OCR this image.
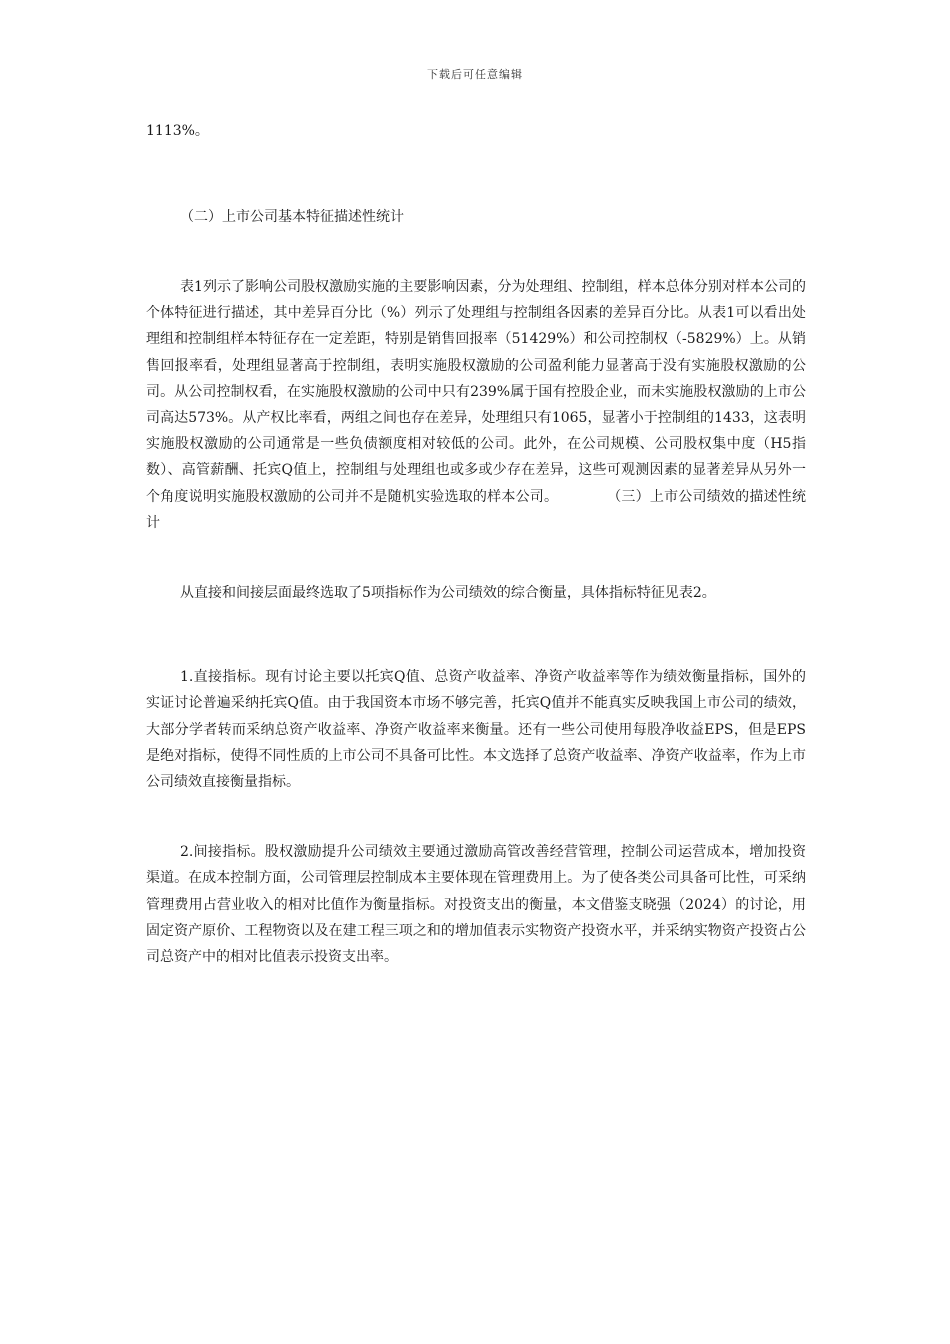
下载后可任意编辑

1113%。

（二）上市公司基本特征描述性统计

表1列示了影响公司股权激励实施的主要影响因素，分为处理组、控制组，样本总体分别对样本公司的个体特征进行描述，其中差异百分比（%）列示了处理组与控制组各因素的差异百分比。从表1可以看出处理组和控制组样本特征存在一定差距，特别是销售回报率（51429%）和公司控制权（-5829%）上。从销售回报率看，处理组显著高于控制组，表明实施股权激励的公司盈利能力显著高于没有实施股权激励的公司。从公司控制权看，在实施股权激励的公司中只有239%属于国有控股企业，而未实施股权激励的上市公司高达573%。从产权比率看，两组之间也存在差异，处理组只有1065，显著小于控制组的1433，这表明实施股权激励的公司通常是一些负债额度相对较低的公司。此外，在公司规模、公司股权集中度（H5指数）、高管薪酬、托宾Q值上，控制组与处理组也或多或少存在差异，这些可观测因素的显著差异从另外一个角度说明实施股权激励的公司并不是随机实验选取的样本公司。	（三）上市公司绩效的描述性统计

从直接和间接层面最终选取了5项指标作为公司绩效的综合衡量，具体指标特征见表2。

1.直接指标。现有讨论主要以托宾Q值、总资产收益率、净资产收益率等作为绩效衡量指标，国外的实证讨论普遍采纳托宾Q值。由于我国资本市场不够完善，托宾Q值并不能真实反映我国上市公司的绩效，大部分学者转而采纳总资产收益率、净资产收益率来衡量。还有一些公司使用每股净收益EPS，但是EPS是绝对指标，使得不同性质的上市公司不具备可比性。本文选择了总资产收益率、净资产收益率，作为上市公司绩效直接衡量指标。

2.间接指标。股权激励提升公司绩效主要通过激励高管改善经营管理，控制公司运营成本，增加投资渠道。在成本控制方面，公司管理层控制成本主要体现在管理费用上。为了使各类公司具备可比性，可采纳管理费用占营业收入的相对比值作为衡量指标。对投资支出的衡量，本文借鉴支晓强（2024）的讨论，用固定资产原价、工程物资以及在建工程三项之和的增加值表示实物资产投资水平，并采纳实物资产投资占公司总资产中的相对比值表示投资支出率。
